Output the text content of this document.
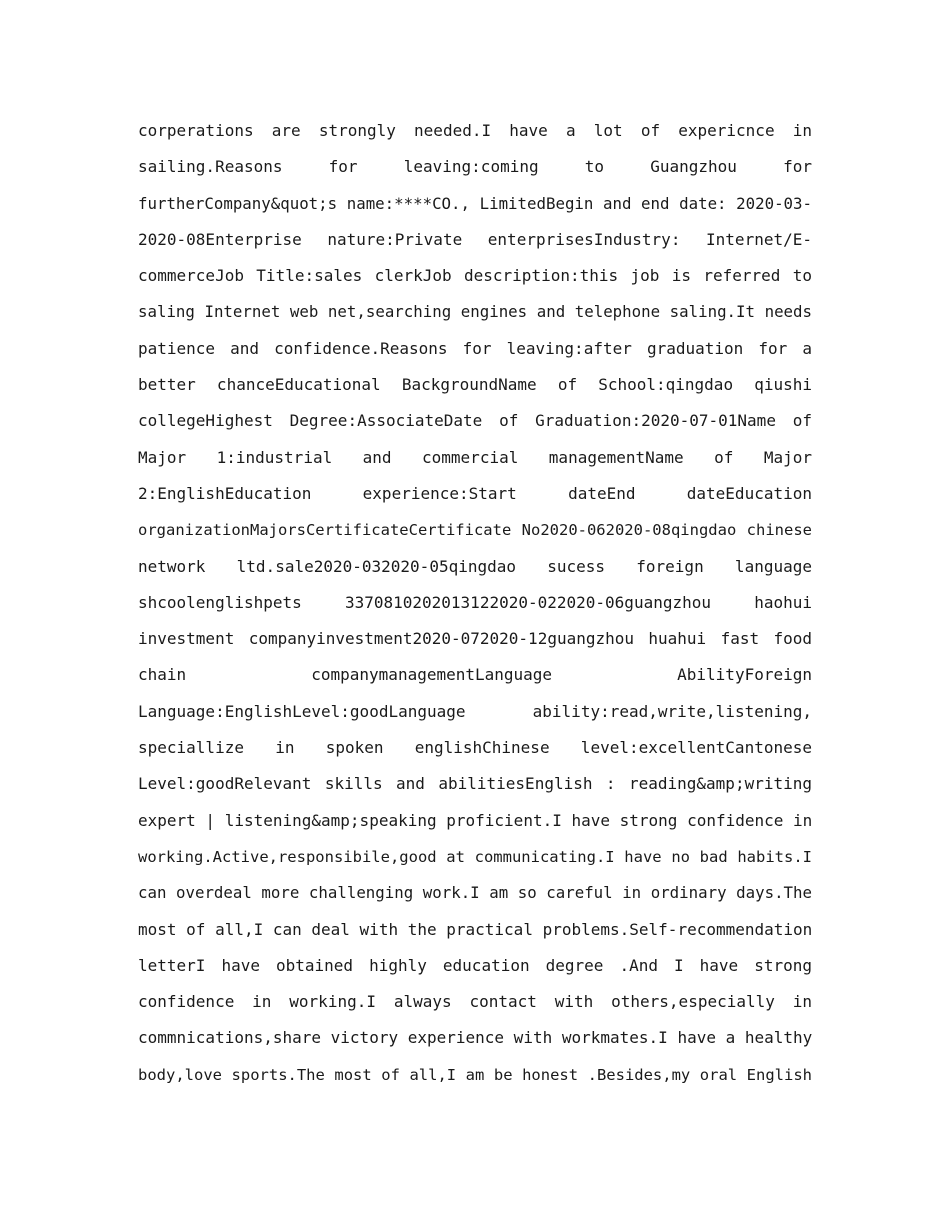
corperations are strongly needed.I have a lot of expericnce in
sailing.Reasons for leaving:coming to Guangzhou for
furtherCompany&quot;s name:****CO., LimitedBegin and end date: 2020-03-
2020-08Enterprise nature:Private enterprisesIndustry: Internet/E-
commerceJob Title:sales clerkJob description:this job is referred to
saling Internet web net,searching engines and telephone saling.It needs
patience and confidence.Reasons for leaving:after graduation for a
better chanceEducational BackgroundName of School:qingdao qiushi
collegeHighest Degree:AssociateDate of Graduation:2020-07-01Name of
Major 1:industrial and commercial managementName of Major
2:EnglishEducation experience:Start dateEnd dateEducation
organizationMajorsCertificateCertificate No2020-062020-08qingdao chinese
network ltd.sale2020-032020-05qingdao sucess foreign language
shcoolenglishpets 3370810202013122020-022020-06guangzhou haohui
investment companyinvestment2020-072020-12guangzhou huahui fast food
chain companymanagementLanguage AbilityForeign
Language:EnglishLevel:goodLanguage ability:read,write,listening,
speciallize in spoken englishChinese level:excellentCantonese
Level:goodRelevant skills and abilitiesEnglish : reading&amp;writing
expert | listening&amp;speaking proficient.I have strong confidence in
working.Active,responsibile,good at communicating.I have no bad habits.I
can overdeal more challenging work.I am so careful in ordinary days.The
most of all,I can deal with the practical problems.Self-recommendation
letterI have obtained highly education degree .And I have strong
confidence in working.I always contact with others,especially in
commnications,share victory experience with workmates.I have a healthy
body,love sports.The most of all,I am be honest .Besides,my oral English
